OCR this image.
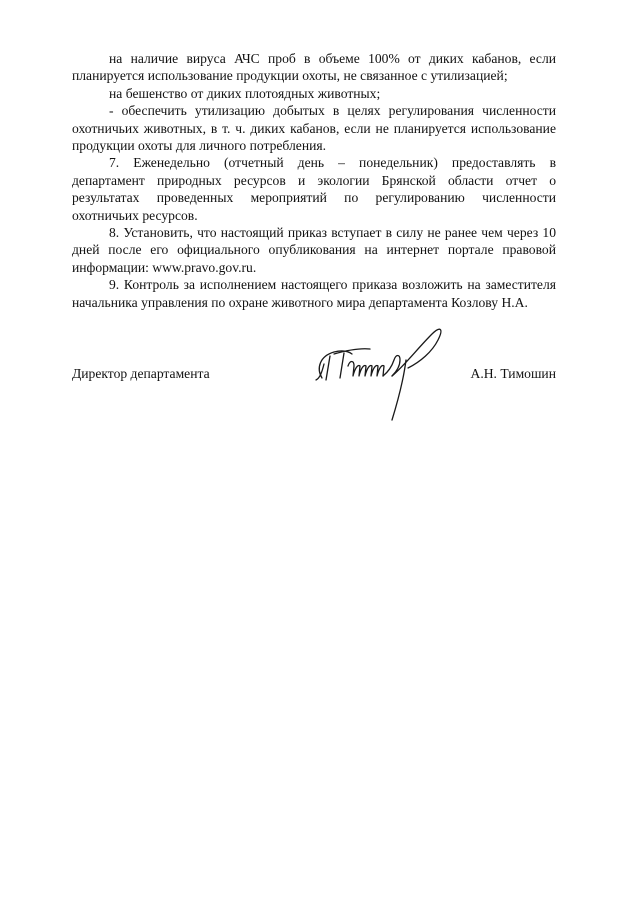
на наличие вируса АЧС проб в объеме 100% от диких кабанов, если планируется использование продукции охоты, не связанное с утилизацией;

на бешенство от диких плотоядных животных;

- обеспечить утилизацию добытых в целях регулирования численности охотничьих животных, в т. ч. диких кабанов, если не планируется использование продукции охоты для личного потребления.

7. Еженедельно (отчетный день – понедельник) предоставлять в департамент природных ресурсов и экологии Брянской области отчет о результатах проведенных мероприятий по регулированию численности охотничьих ресурсов.

8. Установить, что настоящий приказ вступает в силу не ранее чем через 10 дней после его официального опубликования на интернет портале правовой информации: www.pravo.gov.ru.

9. Контроль за исполнением настоящего приказа возложить на заместителя начальника управления по охране животного мира департамента Козлову Н.А.

Директор департамента	А.Н. Тимошин
